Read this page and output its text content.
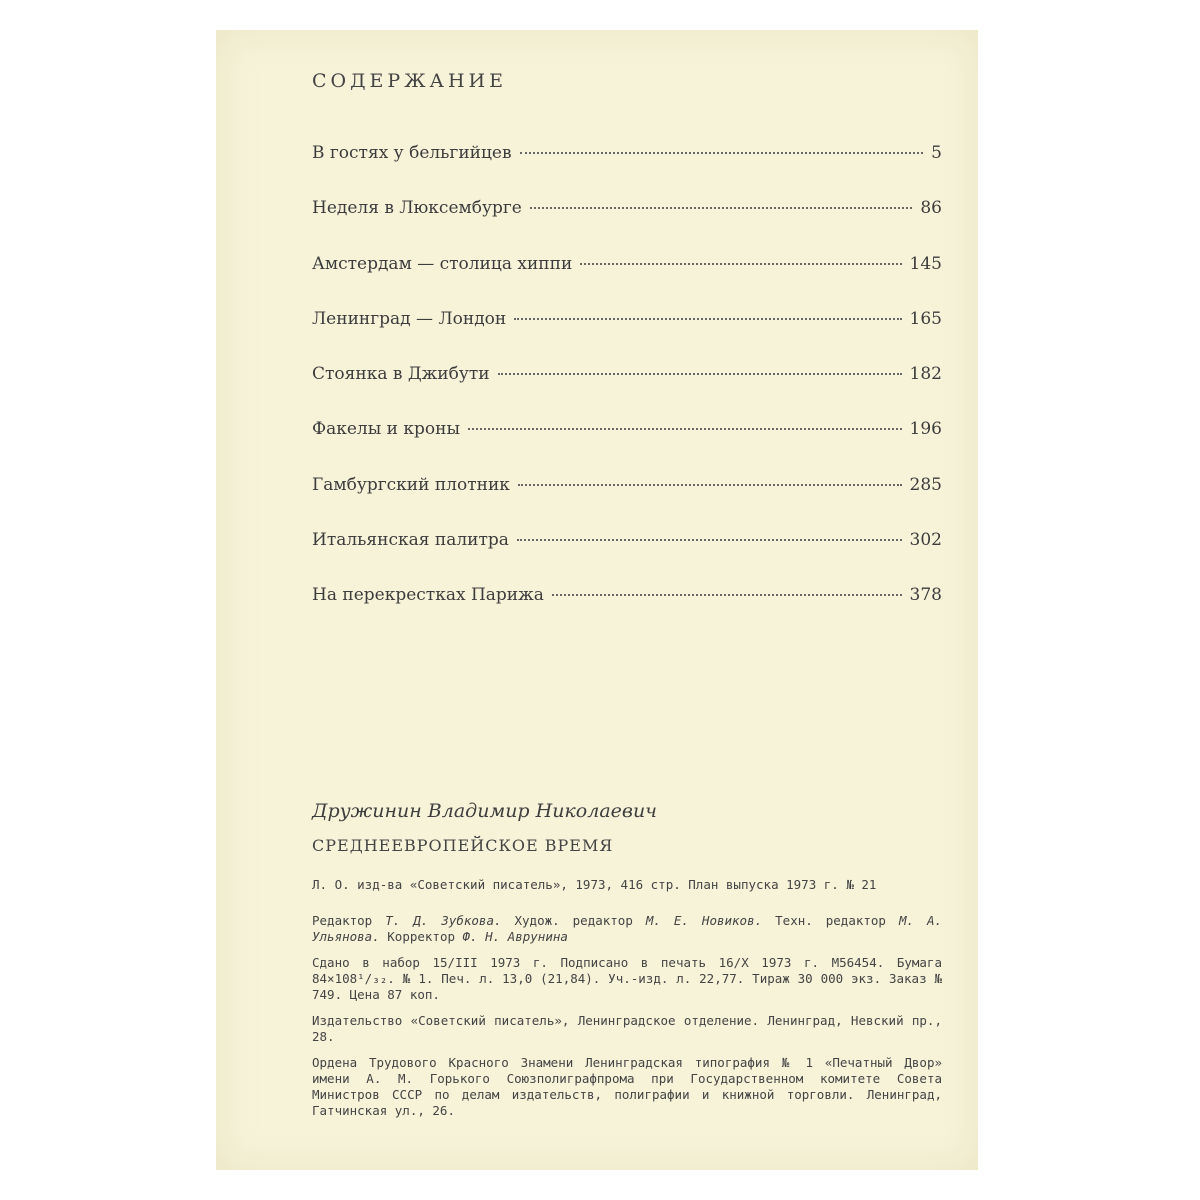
СОДЕРЖАНИЕ
В гостях у бельгийцев	5
Неделя в Люксембурге	86
Амстердам — столица хиппи	145
Ленинград — Лондон	165
Стоянка в Джибути	182
Факелы и кроны	196
Гамбургский плотник	285
Итальянская палитра	302
На перекрестках Парижа	378

Дружинин Владимир Николаевич

СРЕДНЕЕВРОПЕЙСКОЕ ВРЕМЯ

Л. О. изд-ва «Советский писатель», 1973, 416 стр. План выпуска 1973 г. № 21

Редактор Т. Д. Зубкова. Худож. редактор М. Е. Новиков. Техн. редактор М. А. Ульянова. Корректор Ф. Н. Аврунина

Сдано в набор 15/III 1973 г. Подписано в печать 16/X 1973 г. М56454. Бумага 84×108¹/₃₂. № 1. Печ. л. 13,0 (21,84). Уч.-изд. л. 22,77. Тираж 30 000 экз. Заказ № 749. Цена 87 коп.

Издательство «Советский писатель», Ленинградское отделение. Ленинград, Невский пр., 28.

Ордена Трудового Красного Знамени Ленинградская типография № 1 «Печатный Двор» имени А. М. Горького Союзполиграфпрома при Государственном комитете Совета Министров СССР по делам издательств, полиграфии и книжной торговли. Ленинград, Гатчинская ул., 26.
